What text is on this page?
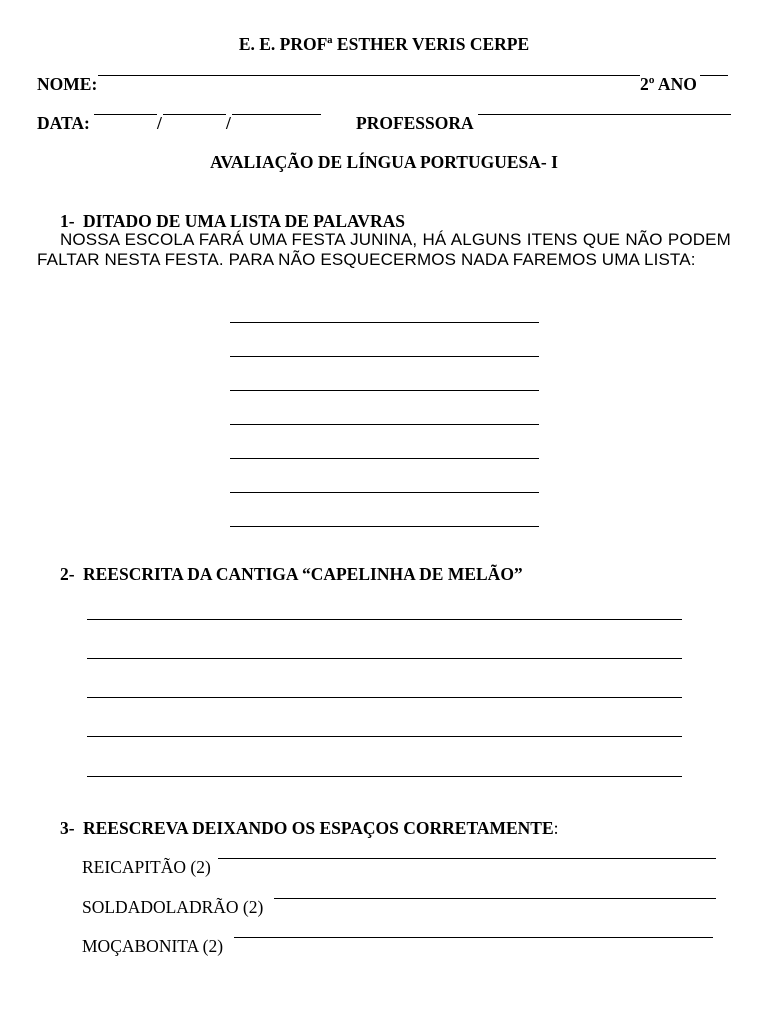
E. E. PROFª ESTHER VERIS CERPE
NOME:	2º ANO
DATA:	/	/	PROFESSORA
AVALIAÇÃO DE LÍNGUA PORTUGUESA- I
1- DITADO DE UMA LISTA DE PALAVRAS
NOSSA ESCOLA FARÁ UMA FESTA JUNINA, HÁ ALGUNS ITENS QUE NÃO PODEM FALTAR NESTA FESTA. PARA NÃO ESQUECERMOS NADA FAREMOS UMA LISTA:
2- REESCRITA DA CANTIGA “CAPELINHA DE MELÃO”
3- REESCREVA DEIXANDO OS ESPAÇOS CORRETAMENTE:
REICAPITÃO (2)
SOLDADOLADRÃO (2)
MOÇABONITA (2)
